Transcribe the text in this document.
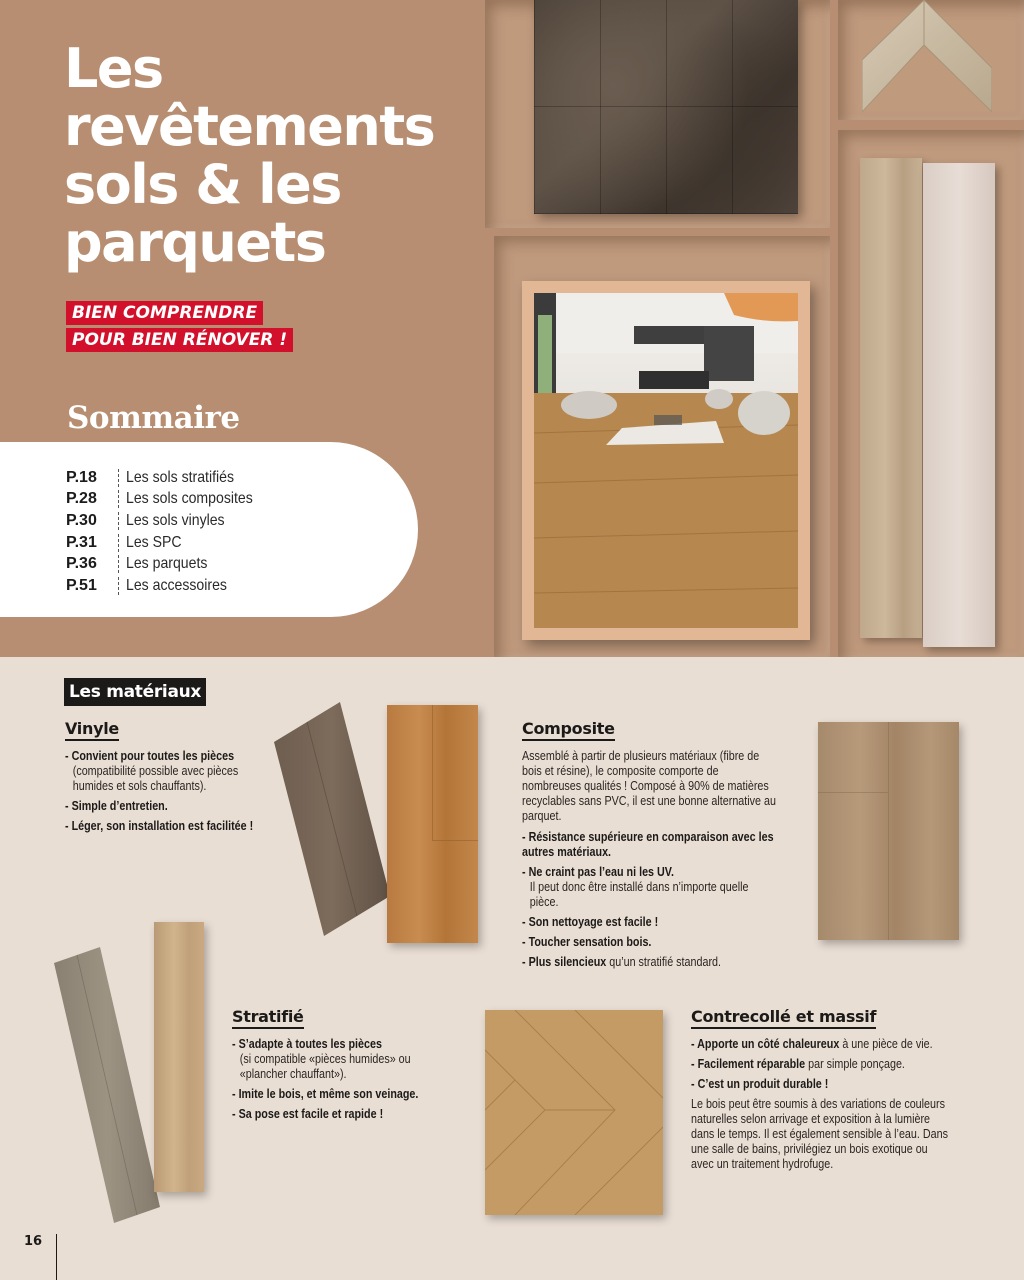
Les revêtements sols & les parquets
BIEN COMPRENDRE
POUR BIEN RÉNOVER !
Sommaire
P.18	Les sols stratifiés
P.28	Les sols composites
P.30	Les sols vinyles
P.31	Les SPC
P.36	Les parquets
P.51	Les accessoires
Les matériaux
Vinyle
- Convient pour toutes les pièces
(compatibilité possible avec pièces humides et sols chauffants).
- Simple d’entretien.
- Léger, son installation est facilitée !
Composite
Assemblé à partir de plusieurs matériaux (fibre de bois et résine), le composite comporte de nombreuses qualités ! Composé à 90% de matières recyclables sans PVC, il est une bonne alternative au parquet.
- Résistance supérieure en comparaison avec les autres matériaux.
- Ne craint pas l’eau ni les UV.
Il peut donc être installé dans n’importe quelle pièce.
- Son nettoyage est facile !
- Toucher sensation bois.
- Plus silencieux qu’un stratifié standard.
Stratifié
- S’adapte à toutes les pièces
(si compatible «pièces humides» ou «plancher chauffant»).
- Imite le bois, et même son veinage.
- Sa pose est facile et rapide !
Contrecollé et massif
- Apporte un côté chaleureux à une pièce de vie.
- Facilement réparable par simple ponçage.
- C’est un produit durable !
Le bois peut être soumis à des variations de couleurs naturelles selon arrivage et exposition à la lumière dans le temps. Il est également sensible à l’eau. Dans une salle de bains, privilégiez un bois exotique ou avec un traitement hydrofuge.
16
